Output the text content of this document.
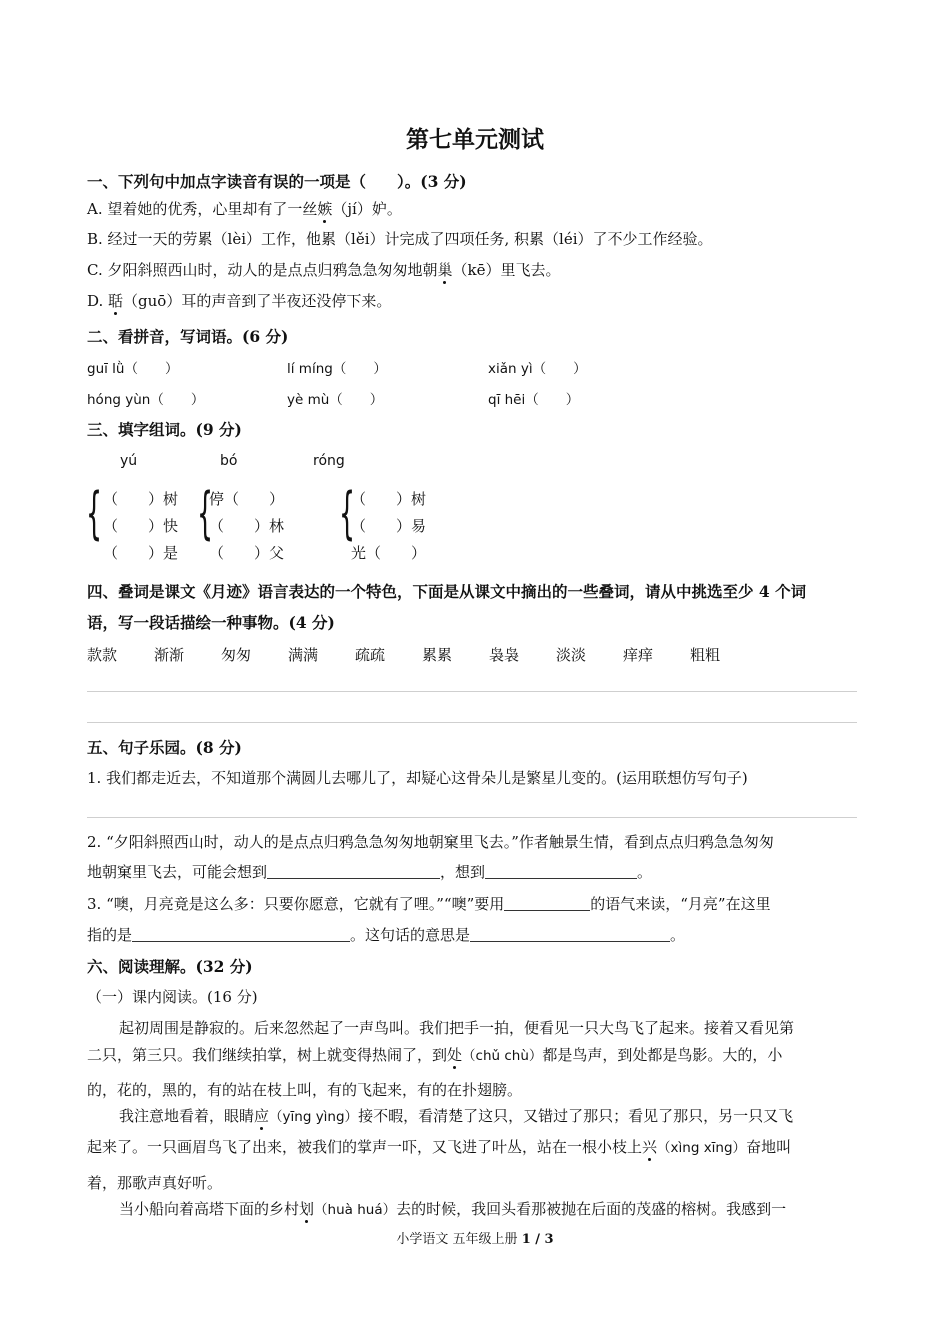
第七单元测试
一、下列句中加点字读音有误的一项是（　　）。(3 分)
A. 望着她的优秀，心里却有了一丝嫉（jí）妒。
B. 经过一天的劳累（lèi）工作，他累（lěi）计完成了四项任务, 积累（léi）了不少工作经验。
C. 夕阳斜照西山时，动人的是点点归鸦急急匆匆地朝巢（kē）里飞去。
D. 聒（guō）耳的声音到了半夜还没停下来。
二、看拼音，写词语。(6 分)
guī lǜ（　　）	lí míng（　　）	xiǎn yì（　　）
hóng yùn（　　）	yè mù（　　）	qī hēi（　　）
三、填字组词。(9 分)
yú	bó	róng
{ （　　）树
（　　）快
（　　）是
{
停（　　）
（　　）林
（　　）父
{
（　　）树
（　　）易
光（　　）
四、叠词是课文《月迹》语言表达的一个特色，下面是从课文中摘出的一些叠词，请从中挑选至少 4 个词
语，写一段话描绘一种事物。(4 分)
款款 渐渐 匆匆 满满 疏疏 累累 袅袅 淡淡 痒痒 粗粗
五、句子乐园。(8 分)
1. 我们都走近去，不知道那个满圆儿去哪儿了，却疑心这骨朵儿是繁星儿变的。(运用联想仿写句子)
2. “夕阳斜照西山时，动人的是点点归鸦急急匆匆地朝窠里飞去。”作者触景生情，看到点点归鸦急急匆匆
地朝窠里飞去，可能会想到	，想到	。
3. “噢，月亮竟是这么多：只要你愿意，它就有了哩。”“噢”要用	的语气来读，“月亮”在这里
指的是	。这句话的意思是	。
六、阅读理解。(32 分)
（一）课内阅读。(16 分)
起初周围是静寂的。后来忽然起了一声鸟叫。我们把手一拍，便看见一只大鸟飞了起来。接着又看见第
二只，第三只。我们继续拍掌，树上就变得热闹了，到处（chǔ chù）都是鸟声，到处都是鸟影。大的，小
的，花的，黑的，有的站在枝上叫，有的飞起来，有的在扑翅膀。
我注意地看着，眼睛应（yīng yìng）接不暇，看清楚了这只，又错过了那只；看见了那只，另一只又飞
起来了。一只画眉鸟飞了出来，被我们的掌声一吓，又飞进了叶丛，站在一根小枝上兴（xìng xīng）奋地叫
着，那歌声真好听。
当小船向着高塔下面的乡村划（huà huá）去的时候，我回头看那被抛在后面的茂盛的榕树。我感到一
小学语文 五年级上册 1 / 3
